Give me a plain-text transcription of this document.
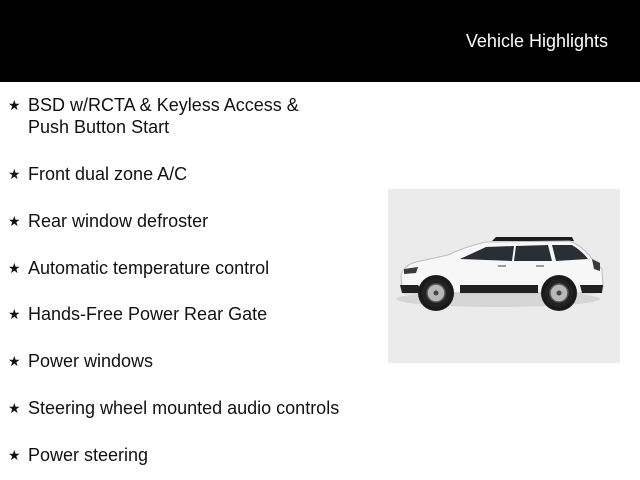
Vehicle Highlights
★ BSD w/RCTA & Keyless Access &
Push Button Start
★ Front dual zone A/C
★ Rear window defroster
★ Automatic temperature control
★ Hands-Free Power Rear Gate
★ Power windows
★ Steering wheel mounted audio controls
★ Power steering
